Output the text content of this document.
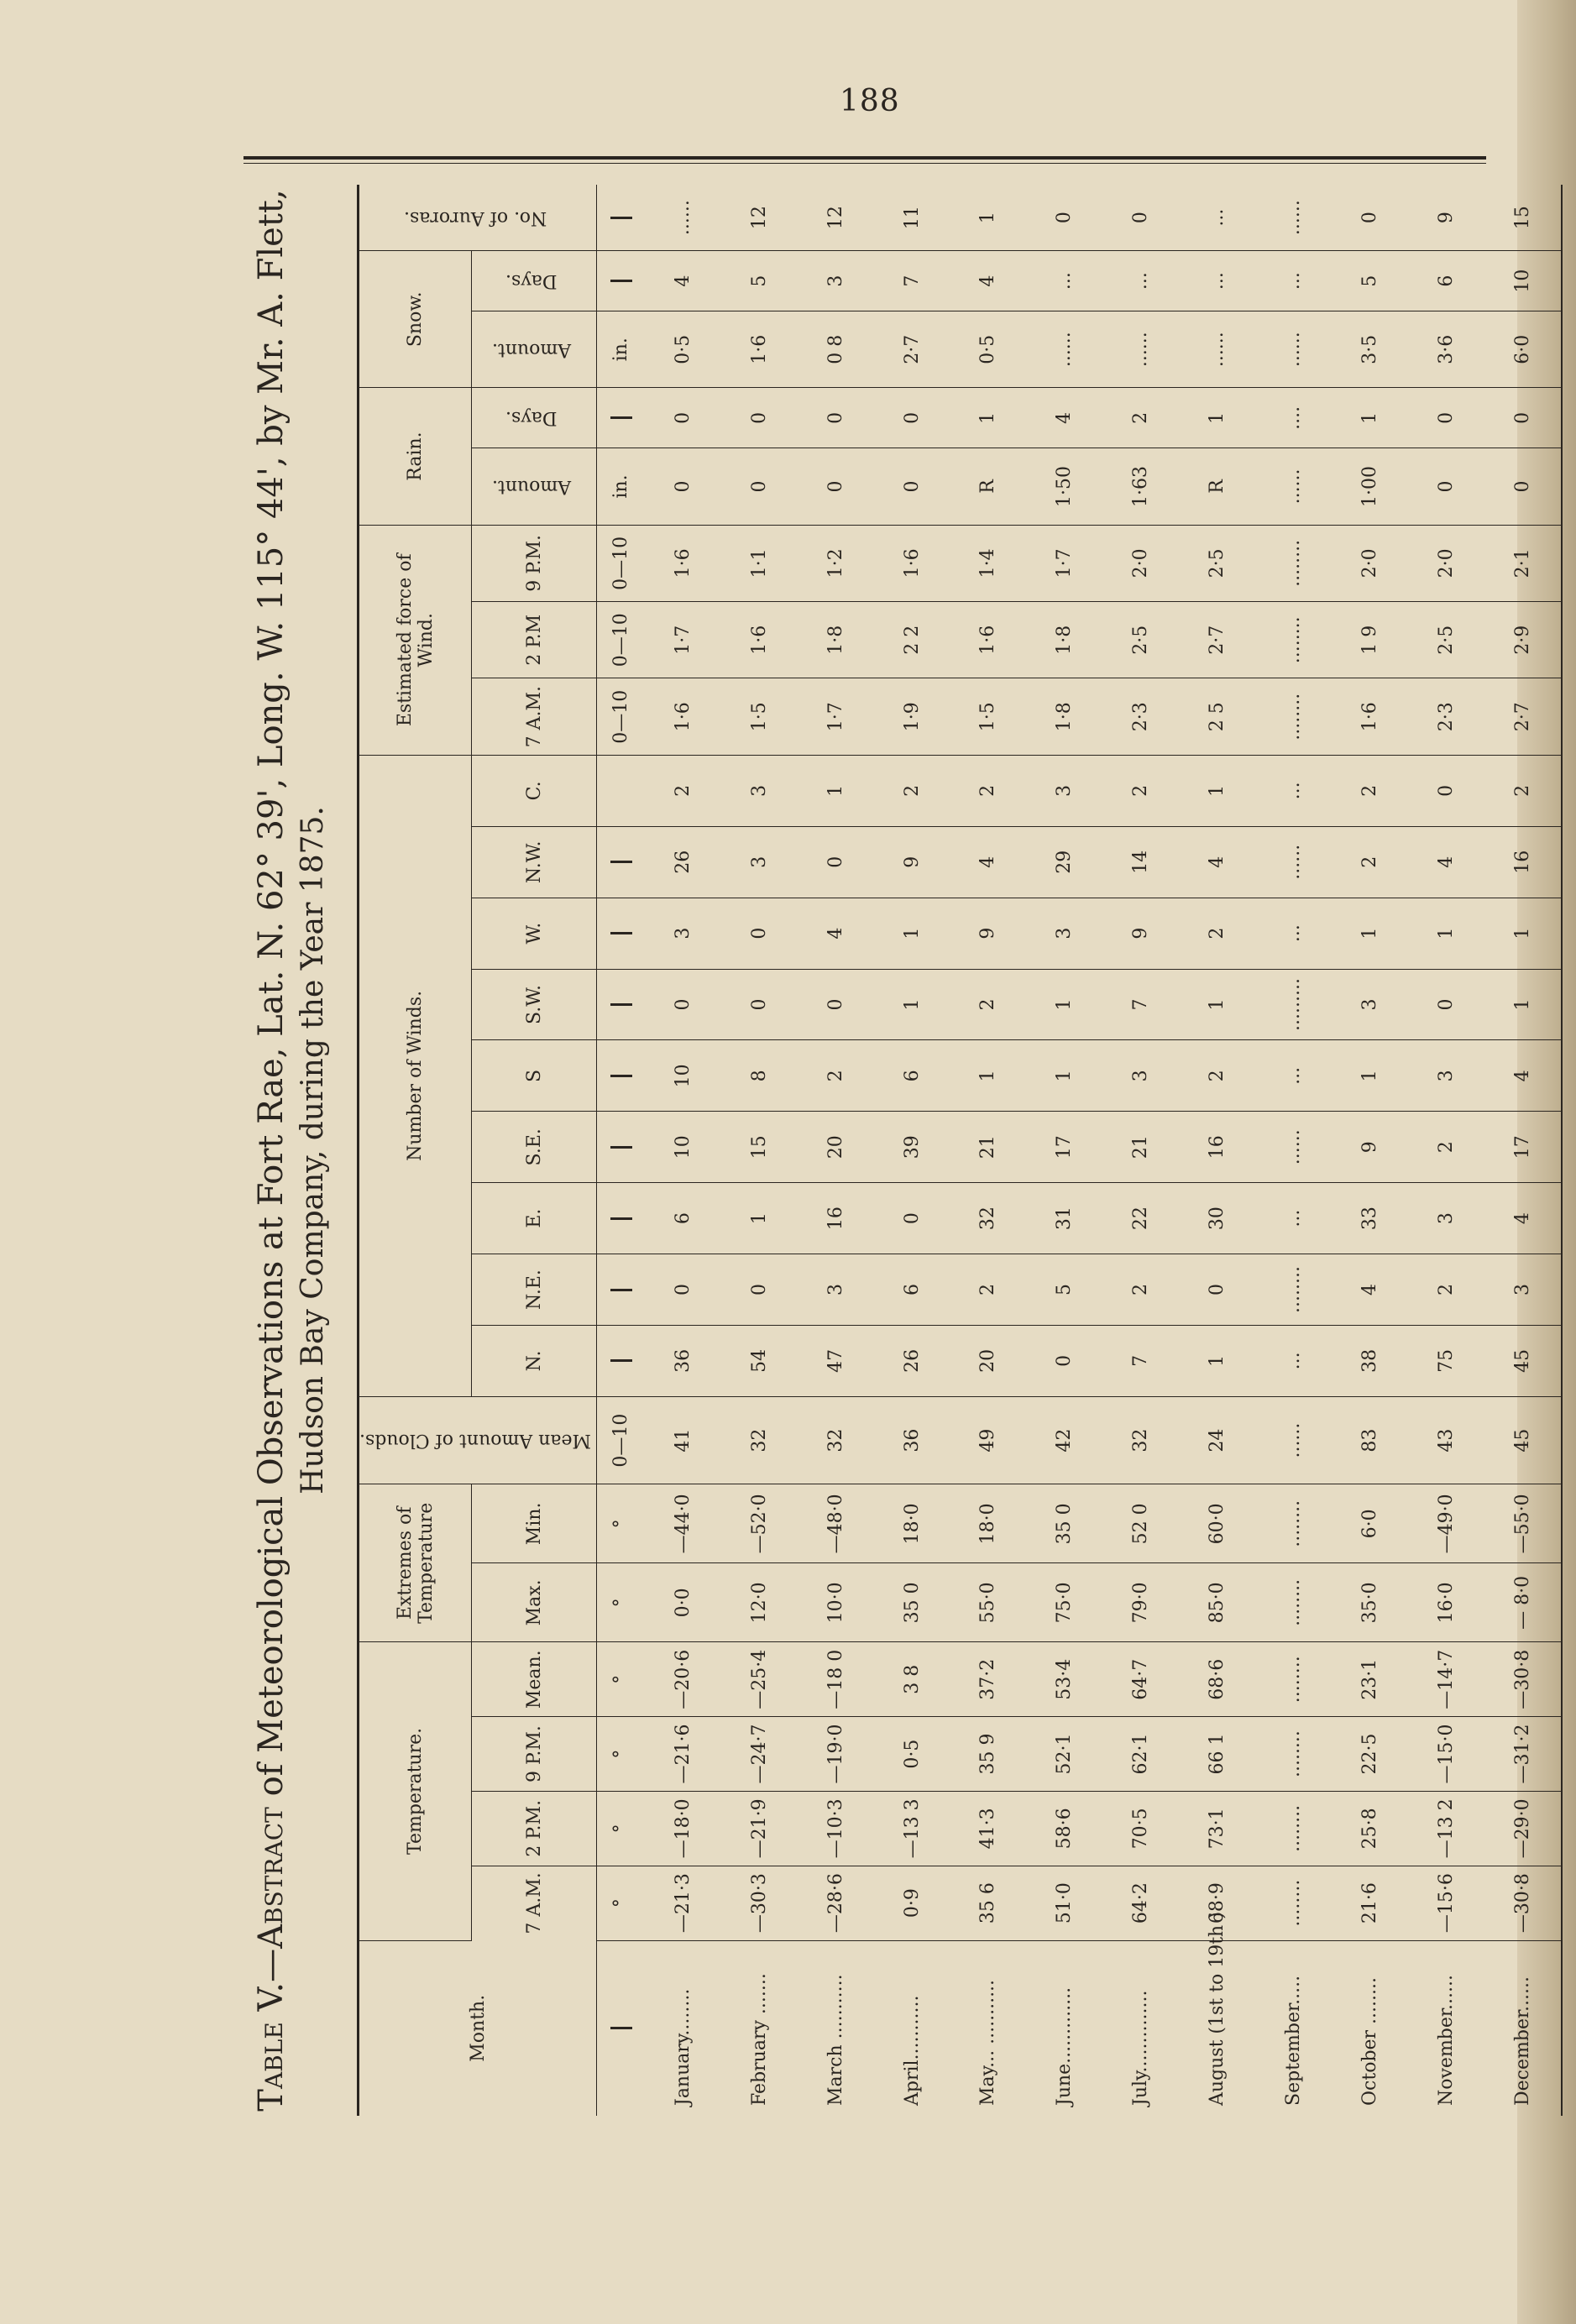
188
Table V.—Abstract of Meteorological Observations at Fort Rae, Lat. N. 62° 39', Long. W. 115° 44', by Mr. A. Flett, Hudson Bay Company, during the Year 1875.
Month.	Temperature.				Extremes of Temperature		Mean Amount of Clouds.	Number of Winds.									Estimated force of Wind.			Rain.		Snow.		No. of Auroras.
	7 A.M.	2 P.M.	9 P.M.	Mean.	Max.	Min.		N.	N.E.	E.	S.E.	S	S.W.	W.	N.W.	C.	7 A.M.	2 P.M	9 P.M.	Amount.	Days.	Amount.	Days.	

	°	°	°	°	°	°	0—10										0—10	0—10	0—10	in.		in.	

January........	—21·3	—18·0	—21·6	—20·6	0·0	—44·0	41	36	0	6	10	10	0	3	26	2	1·6	1·7	1·6	0	0	0·5	4	......
February .......	—30·3	—21·9	—24·7	—25·4	12·0	—52·0	32	54	0	1	15	8	0	0	3	3	1·5	1·6	1·1	0	0	1·6	5	12
March ...........	—28·6	—10·3	—19·0	—18 0	10·0	—48·0	32	47	3	16	20	2	0	4	0	1	1·7	1·8	1·2	0	0	0 8	3	12
April...........	0·9	—13 3	0·5	3 8	35 0	18·0	36	26	6	0	39	6	1	1	9	2	1·9	2 2	1·6	0	0	2·7	7	11
May... ...........	35 6	41·3	35 9	37·2	55·0	18·0	49	20	2	32	21	1	2	9	4	2	1·5	1·6	1·4	R	1	0·5	4	1
June.............	51·0	58·6	52·1	53·4	75·0	35 0	42	0	5	31	17	1	1	3	29	3	1·8	1·8	1·7	1·50	4	......	...	0
July..............	64·2	70·5	62·1	64·7	79·0	52 0	32	7	2	22	21	3	7	9	14	2	2·3	2·5	2·0	1·63	2	......	...	0
August (1st to 19th )	68·9	73·1	66 1	68·6	85·0	60·0	24	1	0	30	16	2	1	2	4	1	2 5	2·7	2·5	R	1	......	...	...
September.....	........	........	........	........	........	........	......	...	........	...	......	...	.........	...	......	...	........	........	........	......	....	......	...	......
October ........	21·6	25·8	22·5	23·1	35·0	6·0	83	38	4	33	9	1	3	1	2	2	1·6	1 9	2·0	1·00	1	3·5	5	0
November......	—15·6	—13 2	—15·0	—14·7	16·0	—49·0	43	75	2	3	2	3	0	1	4	0	2·3	2·5	2·0	0	0	3·6	6	9
December......	—30·8	—29·0	—31·2	—30·8	— 8·0	—55·0	45	45	3	4	17	4	1	1	16	2	2·7	2·9	2·1	0	0	6·0	10	15
